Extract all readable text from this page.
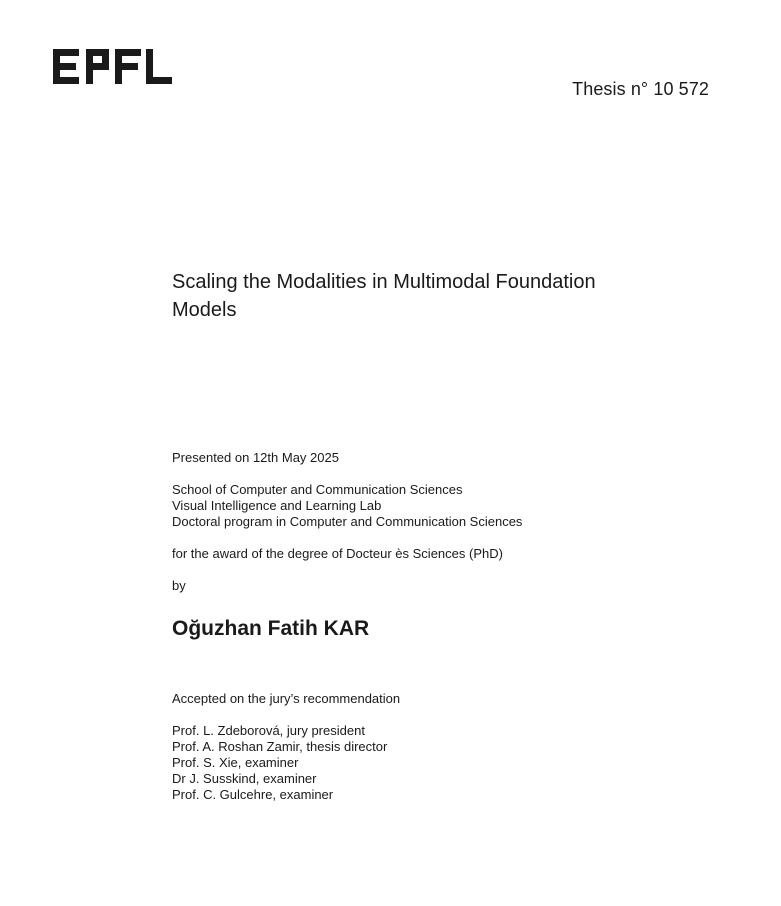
Thesis n° 10 572
Scaling the Modalities in Multimodal Foundation
Models

Presented on 12th May 2025

School of Computer and Communication Sciences
Visual Intelligence and Learning Lab
Doctoral program in Computer and Communication Sciences

for the award of the degree of Docteur ès Sciences (PhD)

by

Oğuzhan Fatih KAR

Accepted on the jury’s recommendation

Prof. L. Zdeborová, jury president
Prof. A. Roshan Zamir, thesis director
Prof. S. Xie, examiner
Dr J. Susskind, examiner
Prof. C. Gulcehre, examiner
